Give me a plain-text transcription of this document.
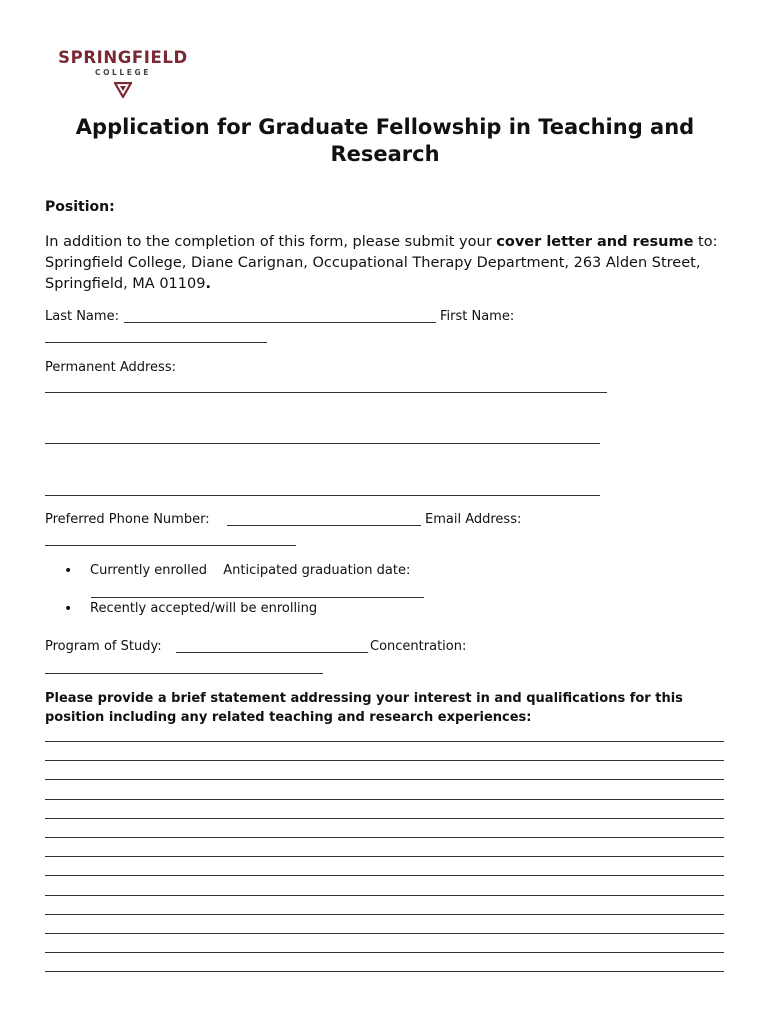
SPRINGFIELD
COLLEGE
Application for Graduate Fellowship in Teaching and Research

Position:

In addition to the completion of this form, please submit your cover letter and resume to: Springfield College, Diane Carignan, Occupational Therapy Department, 263 Alden Street, Springfield, MA 01109.

Last Name:	First Name:
Permanent Address:
Preferred Phone Number:	Email Address:
• Currently enrolled Anticipated graduation date:
• Recently accepted/will be enrolling
Program of Study:	Concentration:

Please provide a brief statement addressing your interest in and qualifications for this position including any related teaching and research experiences:
